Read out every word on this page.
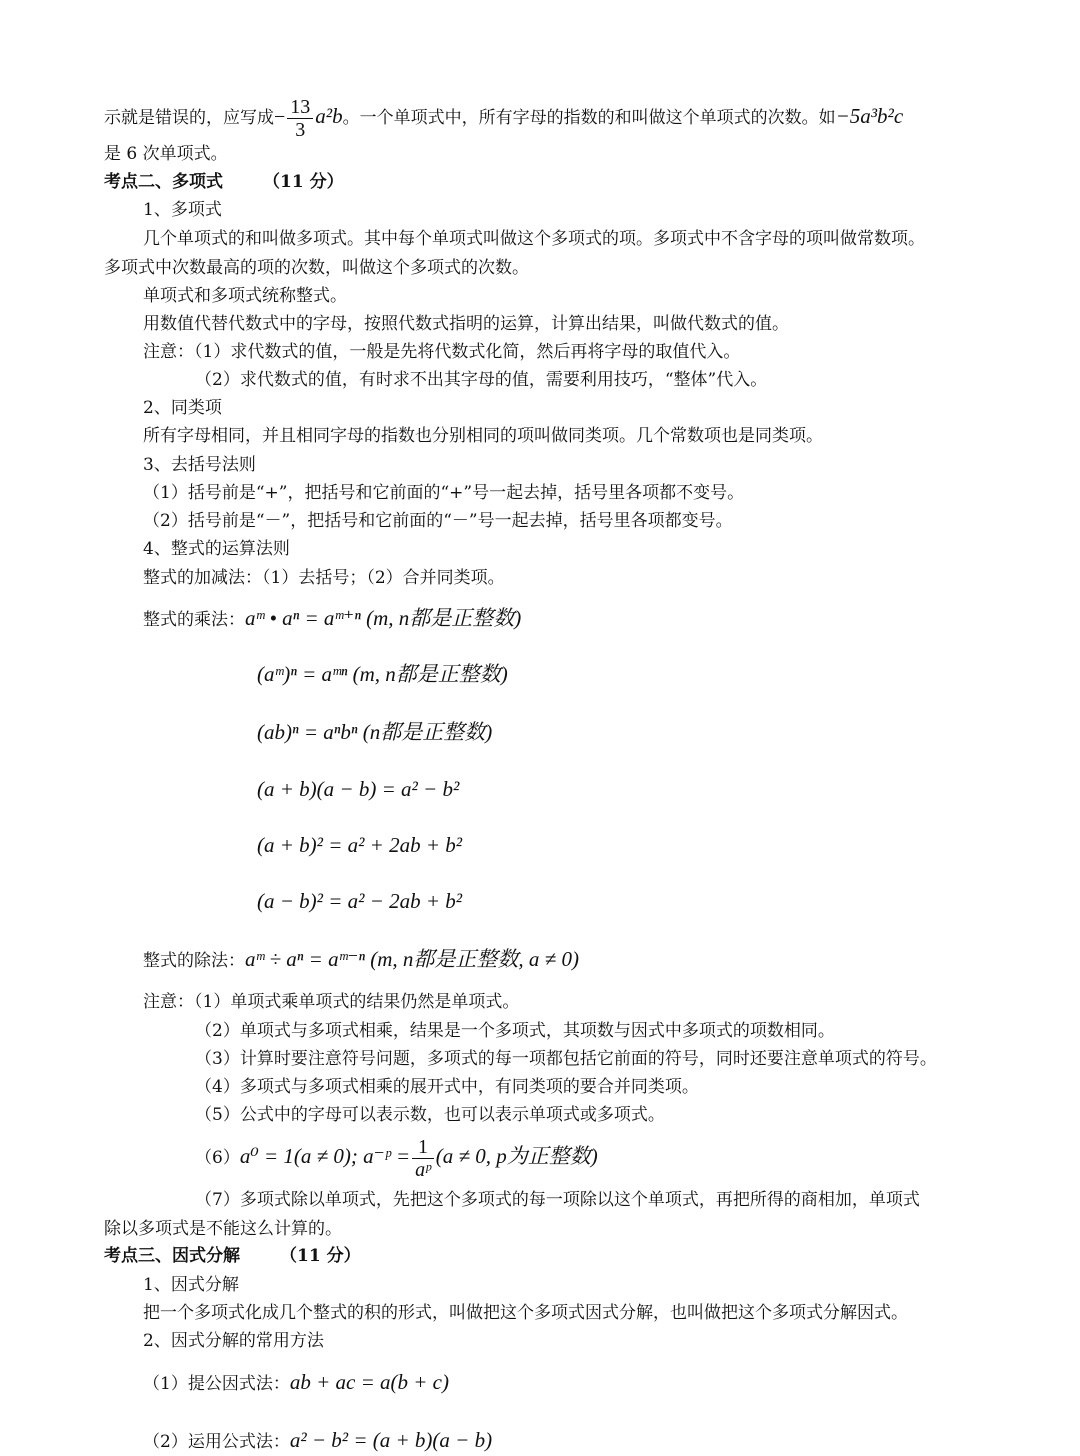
示就是错误的，应写成− $\frac{13}{3} a^2b$。一个单项式中，所有字母的指数的和叫做这个单项式的次数。如−5a³b²c
是 6 次单项式。
考点二、多项式 （11 分）
1、多项式
几个单项式的和叫做多项式。其中每个单项式叫做这个多项式的项。多项式中不含字母的项叫做常数项。
多项式中次数最高的项的次数，叫做这个多项式的次数。
单项式和多项式统称整式。
用数值代替代数式中的字母，按照代数式指明的运算，计算出结果，叫做代数式的值。
注意：（1）求代数式的值，一般是先将代数式化简，然后再将字母的取值代入。
（2）求代数式的值，有时求不出其字母的值，需要利用技巧，“整体”代入。
2、同类项
所有字母相同，并且相同字母的指数也分别相同的项叫做同类项。几个常数项也是同类项。
3、去括号法则
（1）括号前是“+”，把括号和它前面的“+”号一起去掉，括号里各项都不变号。
（2）括号前是“－”，把括号和它前面的“－”号一起去掉，括号里各项都变号。
4、整式的运算法则
整式的加减法：（1）去括号；（2）合并同类项。
整式的乘法：aᵐ • aⁿ = aᵐ⁺ⁿ (m, n都是正整数)
(aᵐ)ⁿ = aᵐⁿ (m, n都是正整数)
(ab)ⁿ = aⁿbⁿ (n都是正整数)
(a + b)(a − b) = a² − b²
(a + b)² = a² + 2ab + b²
(a − b)² = a² − 2ab + b²
整式的除法：aᵐ ÷ aⁿ = aᵐ⁻ⁿ (m, n都是正整数, a ≠ 0)
注意：（1）单项式乘单项式的结果仍然是单项式。
（2）单项式与多项式相乘，结果是一个多项式，其项数与因式中多项式的项数相同。
（3）计算时要注意符号问题，多项式的每一项都包括它前面的符号，同时还要注意单项式的符号。
（4）多项式与多项式相乘的展开式中，有同类项的要合并同类项。
（5）公式中的字母可以表示数，也可以表示单项式或多项式。
（6）a⁰ = 1(a ≠ 0); a⁻ᵖ = $\frac{1}{\text{aᵖ}} (a \ne 0$, p为正整数)
（7）多项式除以单项式，先把这个多项式的每一项除以这个单项式，再把所得的商相加，单项式
除以多项式是不能这么计算的。
考点三、因式分解 （11 分）
1、因式分解
把一个多项式化成几个整式的积的形式，叫做把这个多项式因式分解，也叫做把这个多项式分解因式。
2、因式分解的常用方法
（1）提公因式法：ab + ac = a(b + c)
（2）运用公式法：a² − b² = (a + b)(a − b)
